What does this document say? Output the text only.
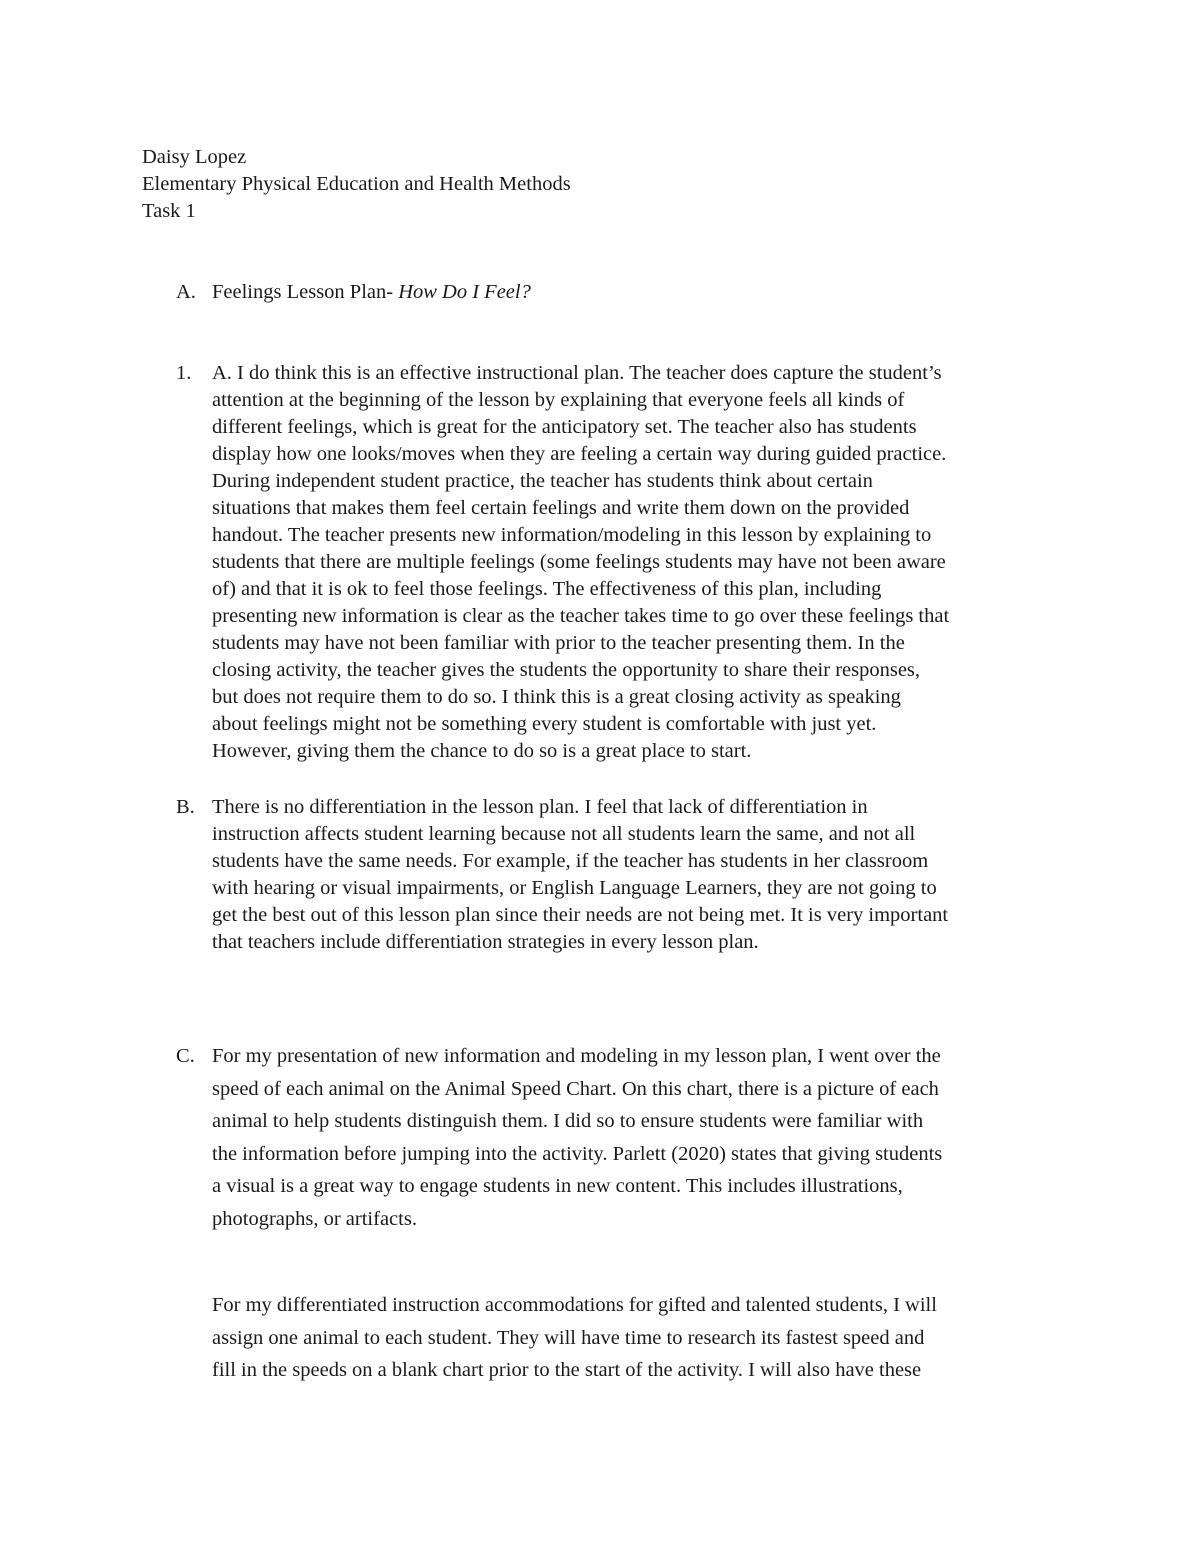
Daisy Lopez
Elementary Physical Education and Health Methods
Task 1
A. Feelings Lesson Plan- How Do I Feel?
1.	A. I do think this is an effective instructional plan. The teacher does capture the student’s
attention at the beginning of the lesson by explaining that everyone feels all kinds of
different feelings, which is great for the anticipatory set. The teacher also has students
display how one looks/moves when they are feeling a certain way during guided practice.
During independent student practice, the teacher has students think about certain
situations that makes them feel certain feelings and write them down on the provided
handout. The teacher presents new information/modeling in this lesson by explaining to
students that there are multiple feelings (some feelings students may have not been aware
of) and that it is ok to feel those feelings. The effectiveness of this plan, including
presenting new information is clear as the teacher takes time to go over these feelings that
students may have not been familiar with prior to the teacher presenting them. In the
closing activity, the teacher gives the students the opportunity to share their responses,
but does not require them to do so. I think this is a great closing activity as speaking
about feelings might not be something every student is comfortable with just yet.
However, giving them the chance to do so is a great place to start.
B. There is no differentiation in the lesson plan. I feel that lack of differentiation in
instruction affects student learning because not all students learn the same, and not all
students have the same needs. For example, if the teacher has students in her classroom
with hearing or visual impairments, or English Language Learners, they are not going to
get the best out of this lesson plan since their needs are not being met. It is very important
that teachers include differentiation strategies in every lesson plan.
C. For my presentation of new information and modeling in my lesson plan, I went over the
speed of each animal on the Animal Speed Chart. On this chart, there is a picture of each
animal to help students distinguish them. I did so to ensure students were familiar with
the information before jumping into the activity. Parlett (2020) states that giving students
a visual is a great way to engage students in new content. This includes illustrations,
photographs, or artifacts.
For my differentiated instruction accommodations for gifted and talented students, I will
assign one animal to each student. They will have time to research its fastest speed and
fill in the speeds on a blank chart prior to the start of the activity. I will also have these
